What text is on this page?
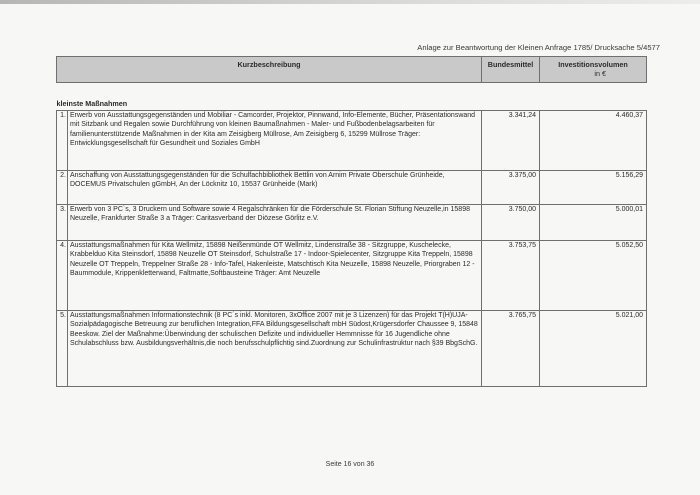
Anlage zur Beantwortung der Kleinen Anfrage 1785/ Drucksache 5/4577
Kurzbeschreibung		Bundesmittel	Investitionsvolumen
in €

kleinste Maßnahmen			
1.	Erwerb von Ausstattungsgegenständen und Mobiliar - Camcorder, Projektor, Pinnwand, Info-Elemente, Bücher, Präsentationswand mit Sitzbank und Regalen sowie Durchführung von kleinen Baumaßnahmen - Maler- und Fußbodenbelagsarbeiten für familienunterstützende Maßnahmen in der Kita am Zeisigberg Müllrose, Am Zeisigberg 6, 15299 Müllrose Träger: Entwicklungsgesellschaft für Gesundheit und Soziales GmbH	3.341,24	4.460,37
2.	Anschaffung von Ausstattungsgegenständen für die Schulfachbibliothek Bettlin von Arnim Private Oberschule Grünheide, DOCEMUS Privatschulen gGmbH, An der Löcknitz 10, 15537 Grünheide (Mark)	3.375,00	5.156,29
3.	Erwerb von 3 PC`s, 3 Druckern und Software sowie 4 Regalschränken für die Förderschule St. Florian Stiftung Neuzelle,in 15898 Neuzelle, Frankfurter Straße 3 a Träger: Caritasverband der Diözese Görlitz e.V.	3.750,00	5.000,01
4.	Ausstattungsmaßnahmen für Kita Wellmitz, 15898 Neißenmünde OT Wellmitz, Lindenstraße 38 - Sitzgruppe, Kuschelecke, Krabbelduo Kita Steinsdorf, 15898 Neuzelle OT Steinsdorf, Schulstraße 17 - Indoor-Spielecenter, Sitzgruppe Kita Treppeln, 15898 Neuzelle OT Treppeln, Treppelner Straße 28 - Info-Tafel, Hakenleiste, Matschtisch Kita Neuzelle, 15898 Neuzelle, Priorgraben 12 - Baummodule, Krippenkletterwand, Faltmatte,Softbausteine Träger: Amt Neuzelle	3.753,75	5.052,50
5.	Ausstattungsmaßnahmen Informationstechnik (8 PC´s inkl. Monitoren, 3xOffice 2007 mit je 3 Lizenzen) für das Projekt T(H)UJA-Sozialpädagogische Betreuung zur beruflichen Integration,FFA Bildungsgesellschaft mbH Südost,Krügersdorfer Chaussee 9, 15848 Beeskow. Ziel der Maßnahme:Überwindung der schulischen Defizite und individueller Hemmnisse für 16 Jugendliche ohne Schulabschluss bzw. Ausbildungsverhältnis,die noch berufsschulpflichtig sind.Zuordnung zur Schulinfrastruktur nach §39 BbgSchG.	3.765,75	5.021,00
Seite 16 von 36
